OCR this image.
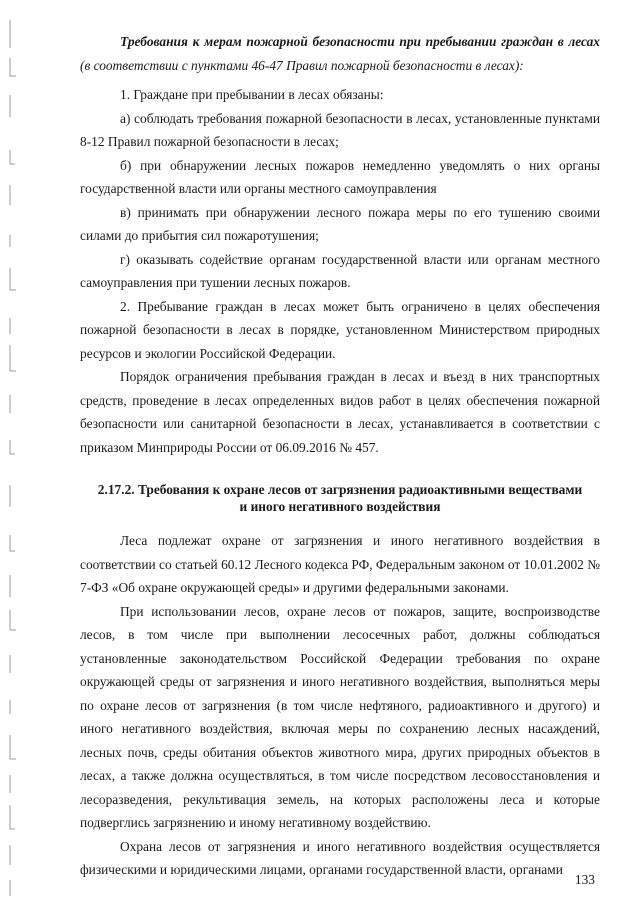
Требования к мерам пожарной безопасности при пребывании граждан в лесах (в соответствии с пунктами 46-47 Правил пожарной безопасности в лесах):

1. Граждане при пребывании в лесах обязаны:

а) соблюдать требования пожарной безопасности в лесах, установленные пунктами 8-12 Правил пожарной безопасности в лесах;

б) при обнаружении лесных пожаров немедленно уведомлять о них органы государственной власти или органы местного самоуправления

в) принимать при обнаружении лесного пожара меры по его тушению своими силами до прибытия сил пожаротушения;

г) оказывать содействие органам государственной власти или органам местного самоуправления при тушении лесных пожаров.

2. Пребывание граждан в лесах может быть ограничено в целях обеспечения пожарной безопасности в лесах в порядке, установленном Министерством природных ресурсов и экологии Российской Федерации.

Порядок ограничения пребывания граждан в лесах и въезд в них транспортных средств, проведение в лесах определенных видов работ в целях обеспечения пожарной безопасности или санитарной безопасности в лесах, устанавливается в соответствии с приказом Минприроды России от 06.09.2016 № 457.

2.17.2. Требования к охране лесов от загрязнения радиоактивными веществами
и иного негативного воздействия

Леса подлежат охране от загрязнения и иного негативного воздействия в соответствии со статьей 60.12 Лесного кодекса РФ, Федеральным законом от 10.01.2002 № 7-ФЗ «Об охране окружающей среды» и другими федеральными законами.

При использовании лесов, охране лесов от пожаров, защите, воспроизводстве лесов, в том числе при выполнении лесосечных работ, должны соблюдаться установленные законодательством Российской Федерации требования по охране окружающей среды от загрязнения и иного негативного воздействия, выполняться меры по охране лесов от загрязнения (в том числе нефтяного, радиоактивного и другого) и иного негативного воздействия, включая меры по сохранению лесных насаждений, лесных почв, среды обитания объектов животного мира, других природных объектов в лесах, а также должна осуществляться, в том числе посредством лесовосстановления и лесоразведения, рекультивация земель, на которых расположены леса и которые подверглись загрязнению и иному негативному воздействию.

Охрана лесов от загрязнения и иного негативного воздействия осуществляется физическими и юридическими лицами, органами государственной власти, органами

133
